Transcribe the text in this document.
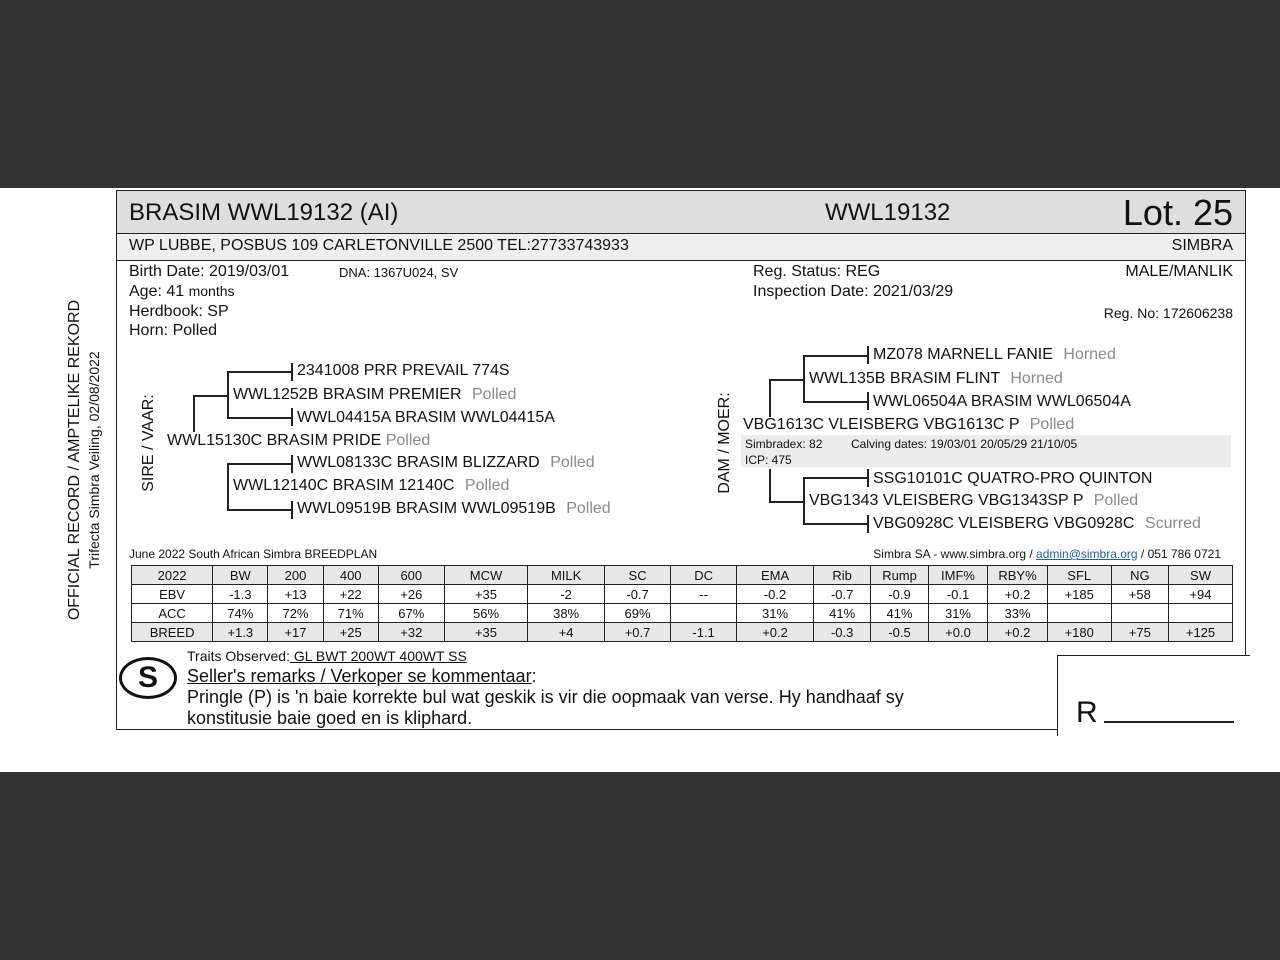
OFFICIAL RECORD / AMPTELIKE REKORD Trifecta Simbra Veiling, 02/08/2022
BRASIM WWL19132 (AI)	WWL19132	Lot. 25
WP LUBBE, POSBUS 109 CARLETONVILLE 2500 TEL:27733743933	SIMBRA
Birth Date: 2019/03/01	DNA: 1367U024, SV
Age: 41 months
Herdbook: SP
Horn: Polled
Reg. Status: REG
Inspection Date: 2021/03/29
MALE/MANLIK
Reg. No: 172606238
SIRE / VAAR:
2341008 PRR PREVAIL 774S
WWL1252B BRASIM PREMIER Polled
WWL04415A BRASIM WWL04415A
WWL15130C BRASIM PRIDE Polled
WWL08133C BRASIM BLIZZARD Polled
WWL12140C BRASIM 12140C Polled
WWL09519B BRASIM WWL09519B Polled
DAM / MOER:
MZ078 MARNELL FANIE Horned
WWL135B BRASIM FLINT Horned
WWL06504A BRASIM WWL06504A
VBG1613C VLEISBERG VBG1613C P Polled
Simbradex: 82 Calving dates: 19/03/01 20/05/29 21/10/05
ICP: 475
SSG10101C QUATRO-PRO QUINTON
VBG1343 VLEISBERG VBG1343SP P Polled
VBG0928C VLEISBERG VBG0928C Scurred
June 2022 South African Simbra BREEDPLAN	Simbra SA - www.simbra.org / admin@simbra.org / 051 786 0721
2022	BW	200	400	600	MCW	MILK	SC	DC	EMA	Rib	Rump	IMF%	RBY%	SFL	NG	SW
EBV	-1.3	+13	+22	+26	+35	-2	-0.7	--	-0.2	-0.7	-0.9	-0.1	+0.2	+185	+58	+94
ACC	74%	72%	71%	67%	56%	38%	69%		31%	41%	41%	31%	33%			
BREED	+1.3	+17	+25	+32	+35	+4	+0.7	-1.1	+0.2	-0.3	-0.5	+0.0	+0.2	+180	+75	+125
S
Traits Observed: GL BWT 200WT 400WT SS
Seller's remarks / Verkoper se kommentaar:
Pringle (P) is 'n baie korrekte bul wat geskik is vir die oopmaak van verse. Hy handhaaf sy
konstitusie baie goed en is kliphard.	R
